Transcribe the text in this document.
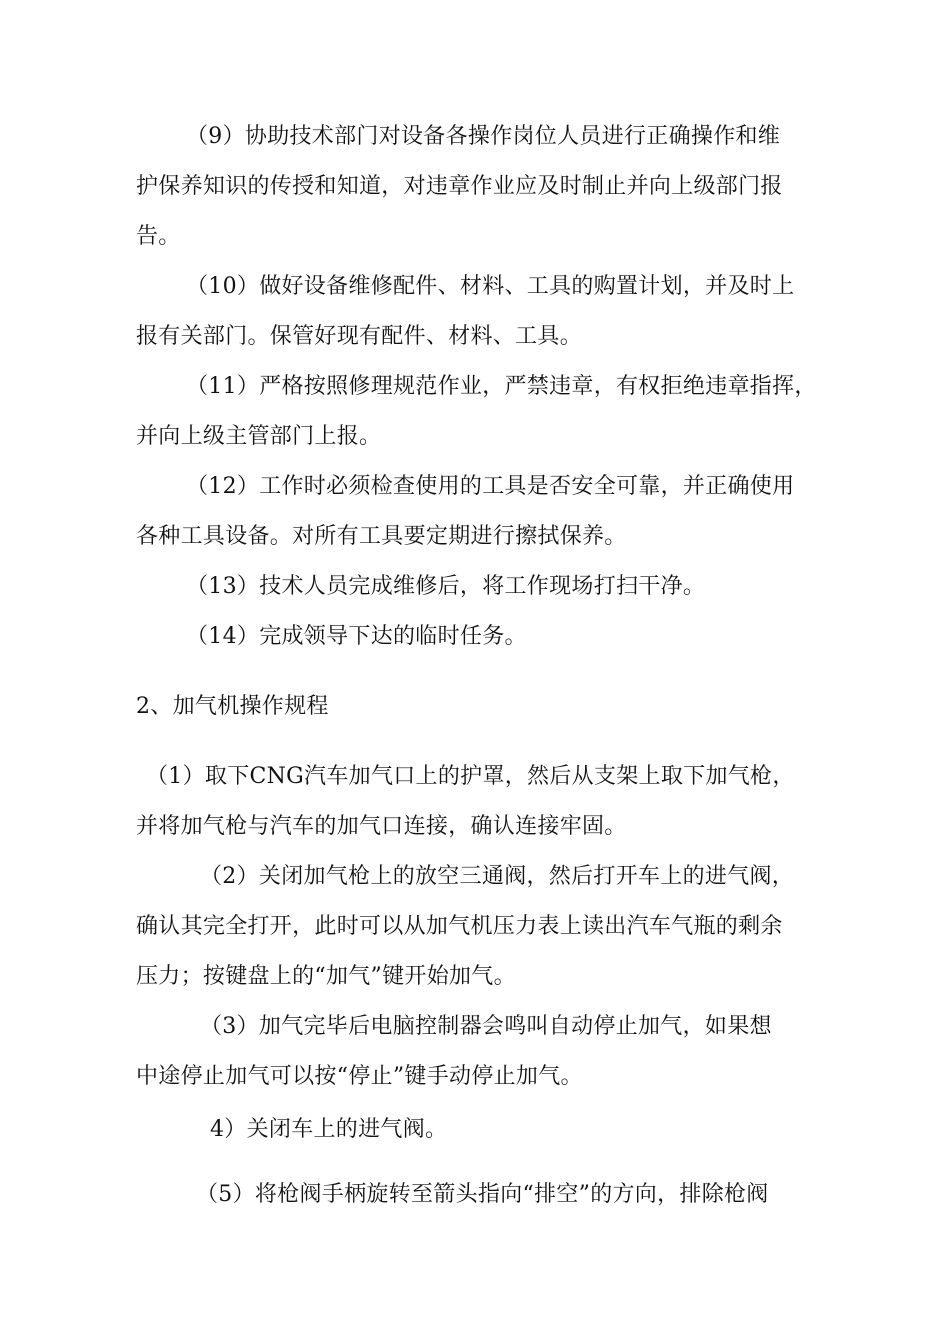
（9）协助技术部门对设备各操作岗位人员进行正确操作和维
护保养知识的传授和知道，对违章作业应及时制止并向上级部门报
告。
（10）做好设备维修配件、材料、工具的购置计划，并及时上
报有关部门。保管好现有配件、材料、工具。
（11）严格按照修理规范作业，严禁违章，有权拒绝违章指挥，
并向上级主管部门上报。
（12）工作时必须检查使用的工具是否安全可靠，并正确使用
各种工具设备。对所有工具要定期进行擦拭保养。
（13）技术人员完成维修后，将工作现场打扫干净。
（14）完成领导下达的临时任务。
2、加气机操作规程
（1）取下CNG汽车加气口上的护罩，然后从支架上取下加气枪，
并将加气枪与汽车的加气口连接，确认连接牢固。
（2）关闭加气枪上的放空三通阀，然后打开车上的进气阀，
确认其完全打开，此时可以从加气机压力表上读出汽车气瓶的剩余
压力；按键盘上的“加气”键开始加气。
（3）加气完毕后电脑控制器会鸣叫自动停止加气，如果想
中途停止加气可以按“停止”键手动停止加气。
4）关闭车上的进气阀。
（5）将枪阀手柄旋转至箭头指向“排空”的方向，排除枪阀
